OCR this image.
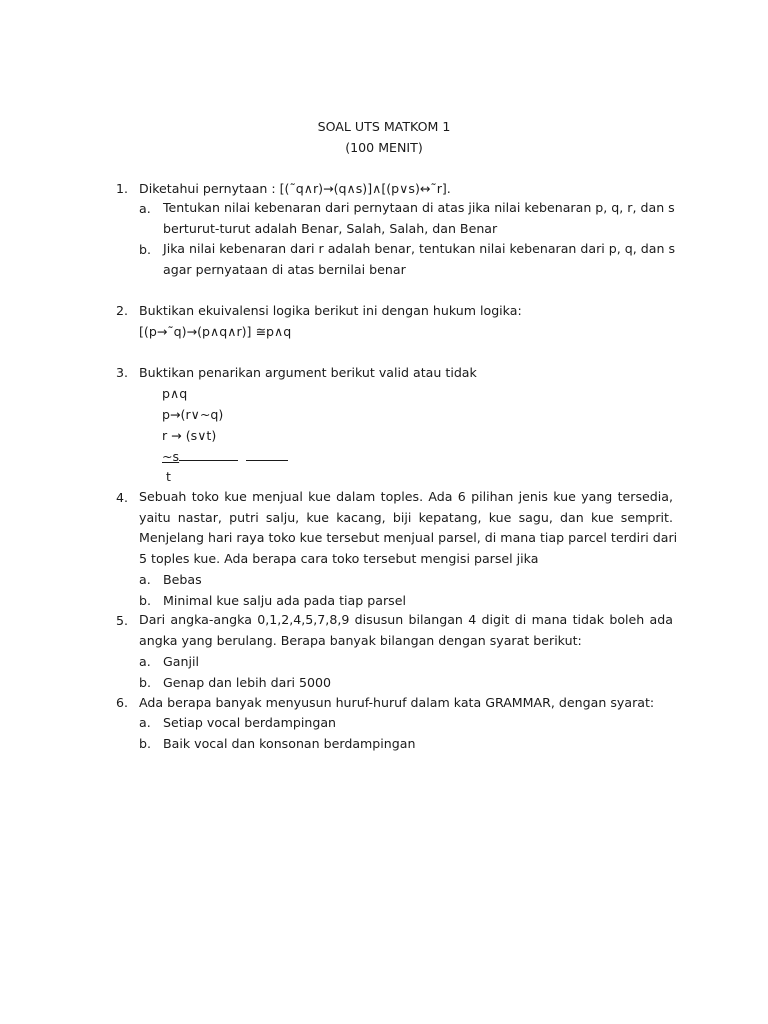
SOAL UTS MATKOM 1
(100 MENIT)
1. Diketahui pernytaan : [(˜q∧r)→(q∧s)]∧[(p∨s)↔˜r].
a. Tentukan nilai kebenaran dari pernytaan di atas jika nilai kebenaran p, q, r, dan s
berturut-turut adalah Benar, Salah, Salah, dan Benar
b. Jika nilai kebenaran dari r adalah benar, tentukan nilai kebenaran dari p, q, dan s
agar pernyataan di atas bernilai benar
2. Buktikan ekuivalensi logika berikut ini dengan hukum logika:
[(p→˜q)→(p∧q∧r)] ≅p∧q
3. Buktikan penarikan argument berikut valid atau tidak
p∧q
p→(r∨~q)
r → (s∨t)
~s
t
4. Sebuah toko kue menjual kue dalam toples. Ada 6 pilihan jenis kue yang tersedia,
yaitu nastar, putri salju, kue kacang, biji kepatang, kue sagu, dan kue semprit.
Menjelang hari raya toko kue tersebut menjual parsel, di mana tiap parcel terdiri dari
5 toples kue. Ada berapa cara toko tersebut mengisi parsel jika
a. Bebas
b. Minimal kue salju ada pada tiap parsel
5. Dari angka-angka 0,1,2,4,5,7,8,9 disusun bilangan 4 digit di mana tidak boleh ada
angka yang berulang. Berapa banyak bilangan dengan syarat berikut:
a. Ganjil
b. Genap dan lebih dari 5000
6. Ada berapa banyak menyusun huruf-huruf dalam kata GRAMMAR, dengan syarat:
a. Setiap vocal berdampingan
b. Baik vocal dan konsonan berdampingan
